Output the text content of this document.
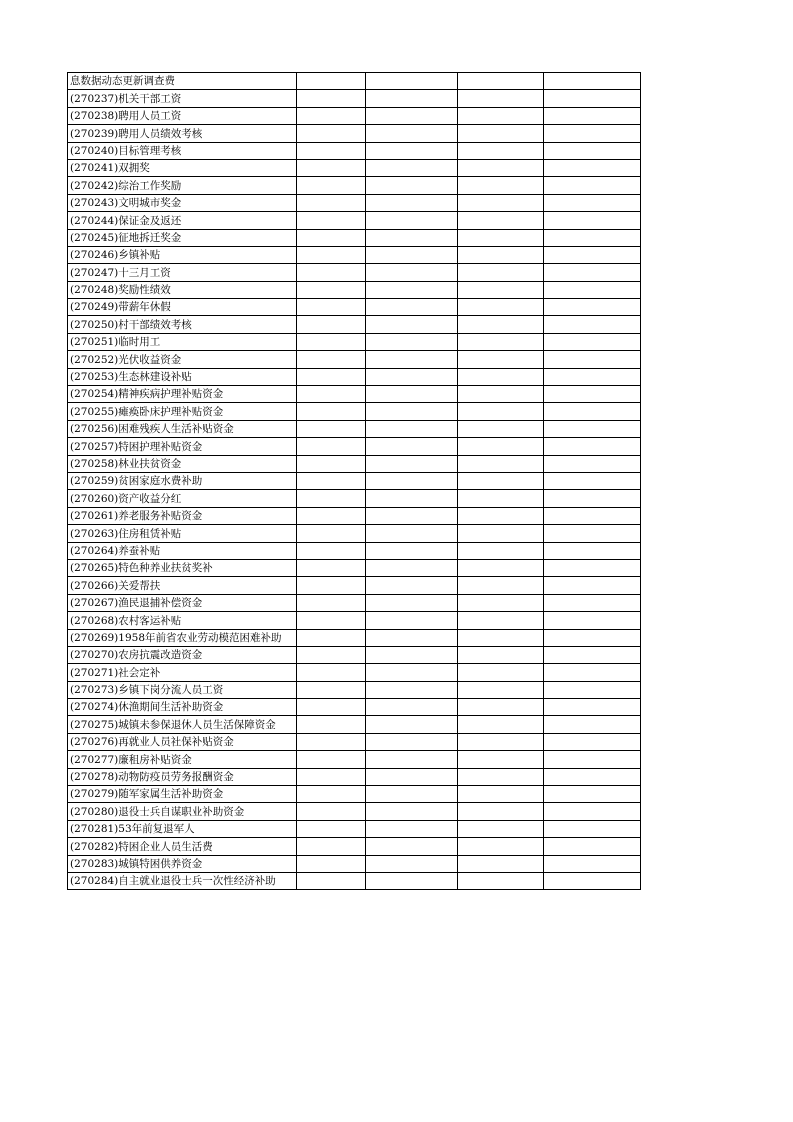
息数据动态更新调查费				
(270237)机关干部工资				
(270238)聘用人员工资				
(270239)聘用人员绩效考核				
(270240)目标管理考核				
(270241)双拥奖				
(270242)综治工作奖励				
(270243)文明城市奖金				
(270244)保证金及返还				
(270245)征地拆迁奖金				
(270246)乡镇补贴				
(270247)十三月工资				
(270248)奖励性绩效				
(270249)带薪年休假				
(270250)村干部绩效考核				
(270251)临时用工				
(270252)光伏收益资金				
(270253)生态林建设补贴				
(270254)精神疾病护理补贴资金				
(270255)瘫痪卧床护理补贴资金				
(270256)困难残疾人生活补贴资金				
(270257)特困护理补贴资金				
(270258)林业扶贫资金				
(270259)贫困家庭水费补助				
(270260)资产收益分红				
(270261)养老服务补贴资金				
(270263)住房租赁补贴				
(270264)养蚕补贴				
(270265)特色种养业扶贫奖补				
(270266)关爱帮扶				
(270267)渔民退捕补偿资金				
(270268)农村客运补贴				
(270269)1958年前省农业劳动模范困难补助				
(270270)农房抗震改造资金				
(270271)社会定补				
(270273)乡镇下岗分流人员工资				
(270274)休渔期间生活补助资金				
(270275)城镇未参保退休人员生活保障资金				
(270276)再就业人员社保补贴资金				
(270277)廉租房补贴资金				
(270278)动物防疫员劳务报酬资金				
(270279)随军家属生活补助资金				
(270280)退役士兵自谋职业补助资金				
(270281)53年前复退军人				
(270282)特困企业人员生活费				
(270283)城镇特困供养资金				
(270284)自主就业退役士兵一次性经济补助				
